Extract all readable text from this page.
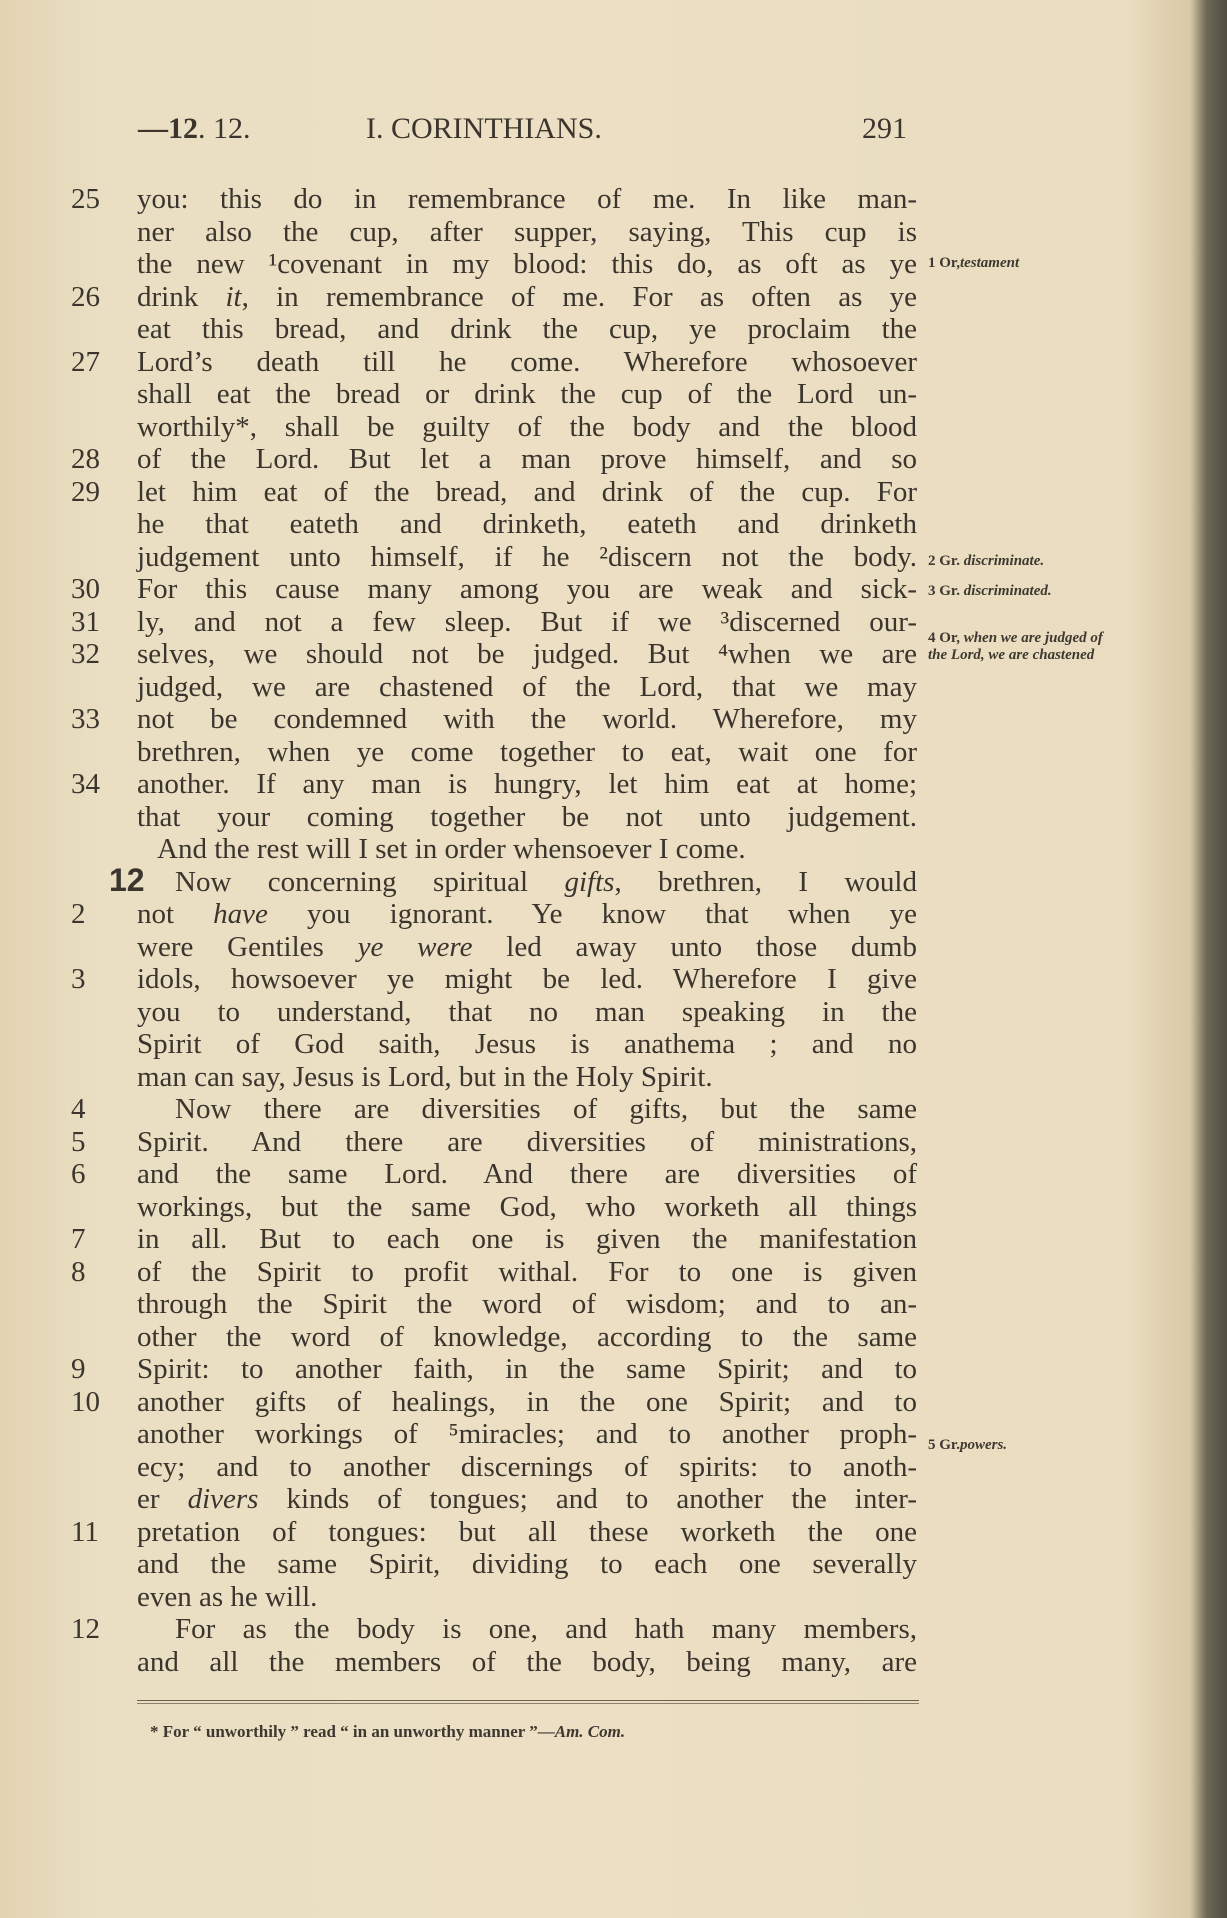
—12. 12.	I. CORINTHIANS.	291
25	you: this do in remembrance of me. In like man-
ner also the cup, after supper, saying, This cup is
the new ¹covenant in my blood: this do, as oft as ye
26	drink it, in remembrance of me. For as often as ye
eat this bread, and drink the cup, ye proclaim the
27	Lord’s death till he come. Wherefore whosoever
shall eat the bread or drink the cup of the Lord un-
worthily*, shall be guilty of the body and the blood
28	of the Lord. But let a man prove himself, and so
29	let him eat of the bread, and drink of the cup. For
he that eateth and drinketh, eateth and drinketh
judgement unto himself, if he ²discern not the body.
30	For this cause many among you are weak and sick-
31	ly, and not a few sleep. But if we ³discerned our-
32	selves, we should not be judged. But ⁴when we are
judged, we are chastened of the Lord, that we may
33	not be condemned with the world. Wherefore, my
brethren, when ye come together to eat, wait one for
34	another. If any man is hungry, let him eat at home;
that your coming together be not unto judgement.
And the rest will I set in order whensoever I come.
12	Now concerning spiritual gifts, brethren, I would
2	not have you ignorant. Ye know that when ye
were Gentiles ye were led away unto those dumb
3	idols, howsoever ye might be led. Wherefore I give
you to understand, that no man speaking in the
Spirit of God saith, Jesus is anathema ; and no
man can say, Jesus is Lord, but in the Holy Spirit.
4	Now there are diversities of gifts, but the same
5	Spirit. And there are diversities of ministrations,
6	and the same Lord. And there are diversities of
workings, but the same God, who worketh all things
7	in all. But to each one is given the manifestation
8	of the Spirit to profit withal. For to one is given
through the Spirit the word of wisdom; and to an-
other the word of knowledge, according to the same
9	Spirit: to another faith, in the same Spirit; and to
10	another gifts of healings, in the one Spirit; and to
another workings of ⁵miracles; and to another proph-
ecy; and to another discernings of spirits: to anoth-
er divers kinds of tongues; and to another the inter-
11	pretation of tongues: but all these worketh the one
and the same Spirit, dividing to each one severally
even as he will.
12	For as the body is one, and hath many members,
and all the members of the body, being many, are
1 Or,testament
2 Gr. discriminate.
3 Gr. discriminated.
4 Or, when we are judged of the Lord, we are chastened
5 Gr.powers.
* For “ unworthily ” read “ in an unworthy manner ”—Am. Com.
